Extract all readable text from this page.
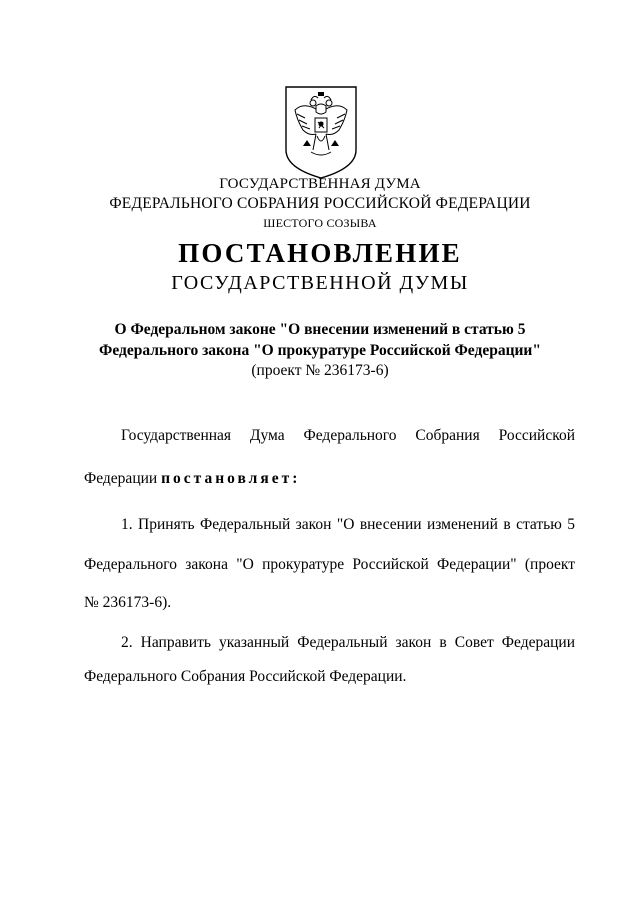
ГОСУДАРСТВЕННАЯ ДУМА
ФЕДЕРАЛЬНОГО СОБРАНИЯ РОССИЙСКОЙ ФЕДЕРАЦИИ
ШЕСТОГО СОЗЫВА
ПОСТАНОВЛЕНИЕ
ГОСУДАРСТВЕННОЙ ДУМЫ
О Федеральном законе "О внесении изменений в статью 5
Федерального закона "О прокуратуре Российской Федерации"
(проект № 236173-6)
Государственная Дума Федерального Собрания Российской
Федерации постановляет:
1. Принять Федеральный закон "О внесении изменений в статью 5
Федерального закона "О прокуратуре Российской Федерации" (проект
№ 236173-6).
2. Направить указанный Федеральный закон в Совет Федерации
Федерального Собрания Российской Федерации.
